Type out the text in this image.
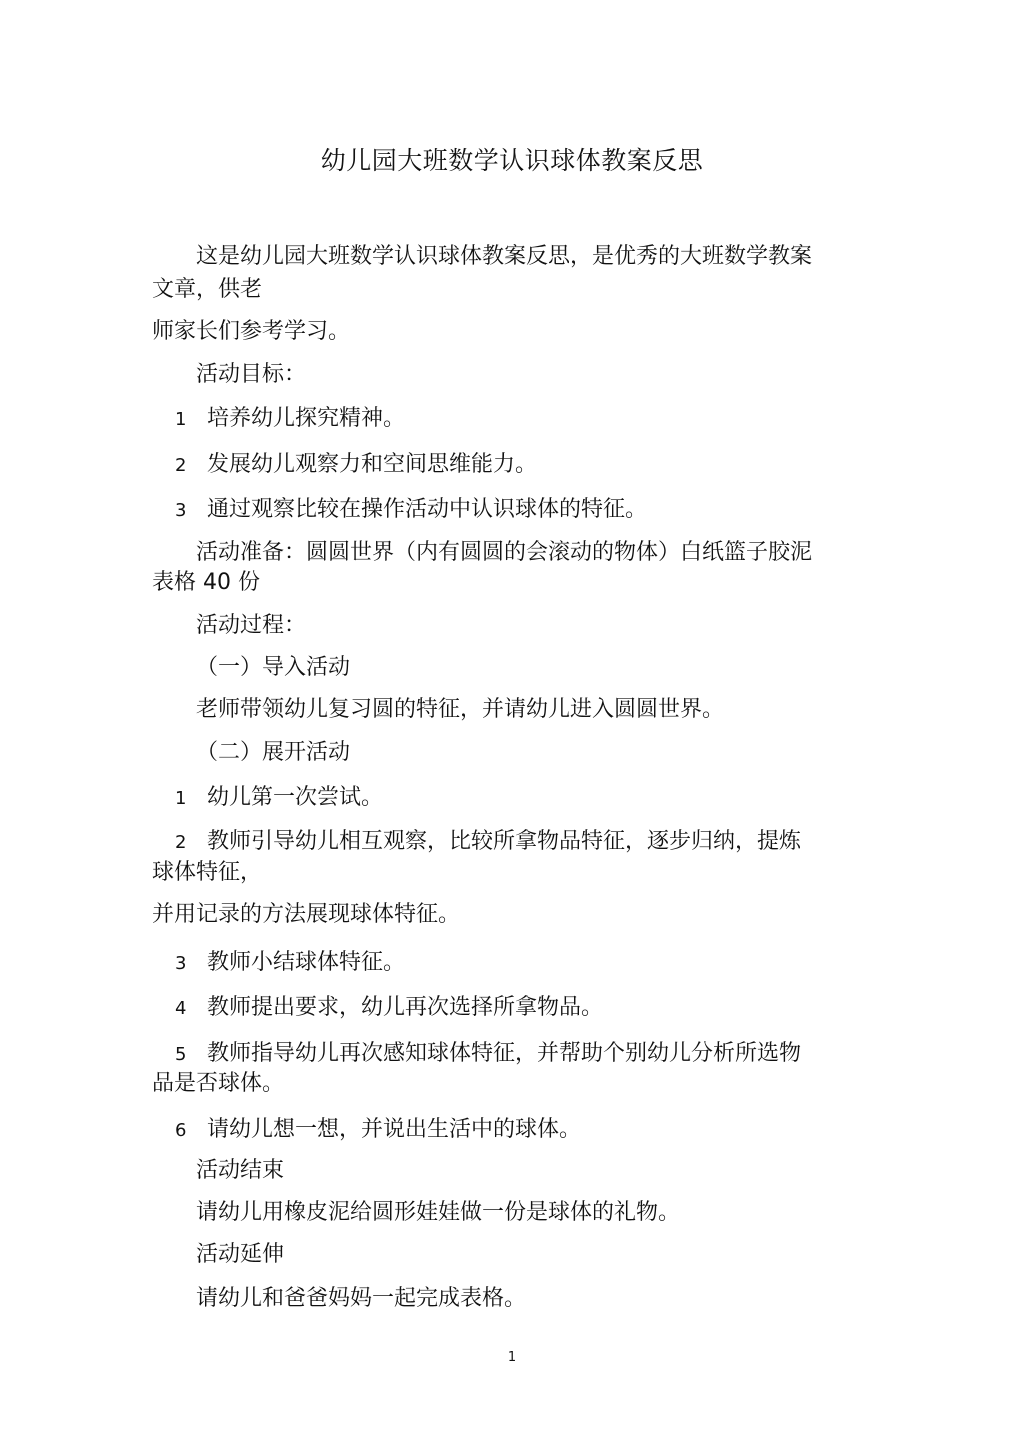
幼儿园大班数学认识球体教案反思
这是幼儿园大班数学认识球体教案反思，是优秀的大班数学教案
文章，供老
师家长们参考学习。
活动目标：
1 培养幼儿探究精神。
2 发展幼儿观察力和空间思维能力。
3 通过观察比较在操作活动中认识球体的特征。
活动准备：圆圆世界（内有圆圆的会滚动的物体）白纸篮子胶泥
表格 40 份
活动过程：
（一）导入活动
老师带领幼儿复习圆的特征，并请幼儿进入圆圆世界。
（二）展开活动
1 幼儿第一次尝试。
2 教师引导幼儿相互观察，比较所拿物品特征，逐步归纳，提炼
球体特征，
并用记录的方法展现球体特征。
3 教师小结球体特征。
4 教师提出要求，幼儿再次选择所拿物品。
5 教师指导幼儿再次感知球体特征，并帮助个别幼儿分析所选物
品是否球体。
6 请幼儿想一想，并说出生活中的球体。
活动结束
请幼儿用橡皮泥给圆形娃娃做一份是球体的礼物。
活动延伸
请幼儿和爸爸妈妈一起完成表格。
1
